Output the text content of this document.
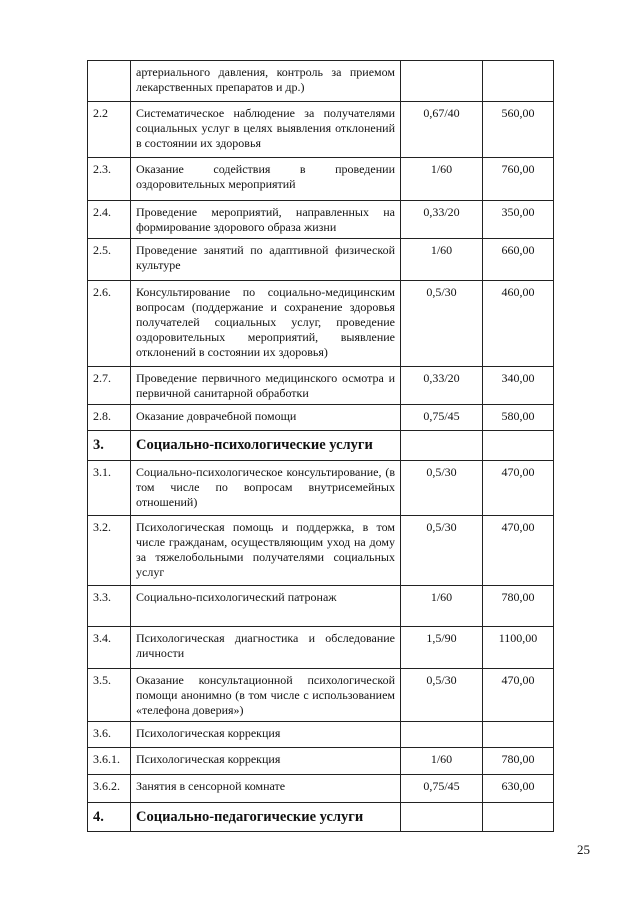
	артериального давления, контроль за приемом лекарственных препаратов и др.)		
2.2	Систематическое наблюдение за получателями социальных услуг в целях выявления отклонений в состоянии их здоровья	0,67/40	560,00
2.3.	Оказание содействия в проведении оздоровительных мероприятий	1/60	760,00
2.4.	Проведение мероприятий, направленных на формирование здорового образа жизни	0,33/20	350,00
2.5.	Проведение занятий по адаптивной физической культуре	1/60	660,00
2.6.	Консультирование по социально-медицинским вопросам (поддержание и сохранение здоровья получателей социальных услуг, проведение оздоровительных мероприятий, выявление отклонений в состоянии их здоровья)	0,5/30	460,00
2.7.	Проведение первичного медицинского осмотра и первичной санитарной обработки	0,33/20	340,00
2.8.	Оказание доврачебной помощи	0,75/45	580,00
3.	Социально-психологические услуги		
3.1.	Социально-психологическое консультирование, (в том числе по вопросам внутрисемейных отношений)	0,5/30	470,00
3.2.	Психологическая помощь и поддержка, в том числе гражданам, осуществляющим уход на дому за тяжелобольными получателями социальных услуг	0,5/30	470,00
3.3.	Социально-психологический патронаж	1/60	780,00
3.4.	Психологическая диагностика и обследование личности	1,5/90	1100,00
3.5.	Оказание консультационной психологической помощи анонимно (в том числе с использованием «телефона доверия»)	0,5/30	470,00
3.6.	Психологическая коррекция		
3.6.1.	Психологическая коррекция	1/60	780,00
3.6.2.	Занятия в сенсорной комнате	0,75/45	630,00
4.	Социально-педагогические услуги		
25
